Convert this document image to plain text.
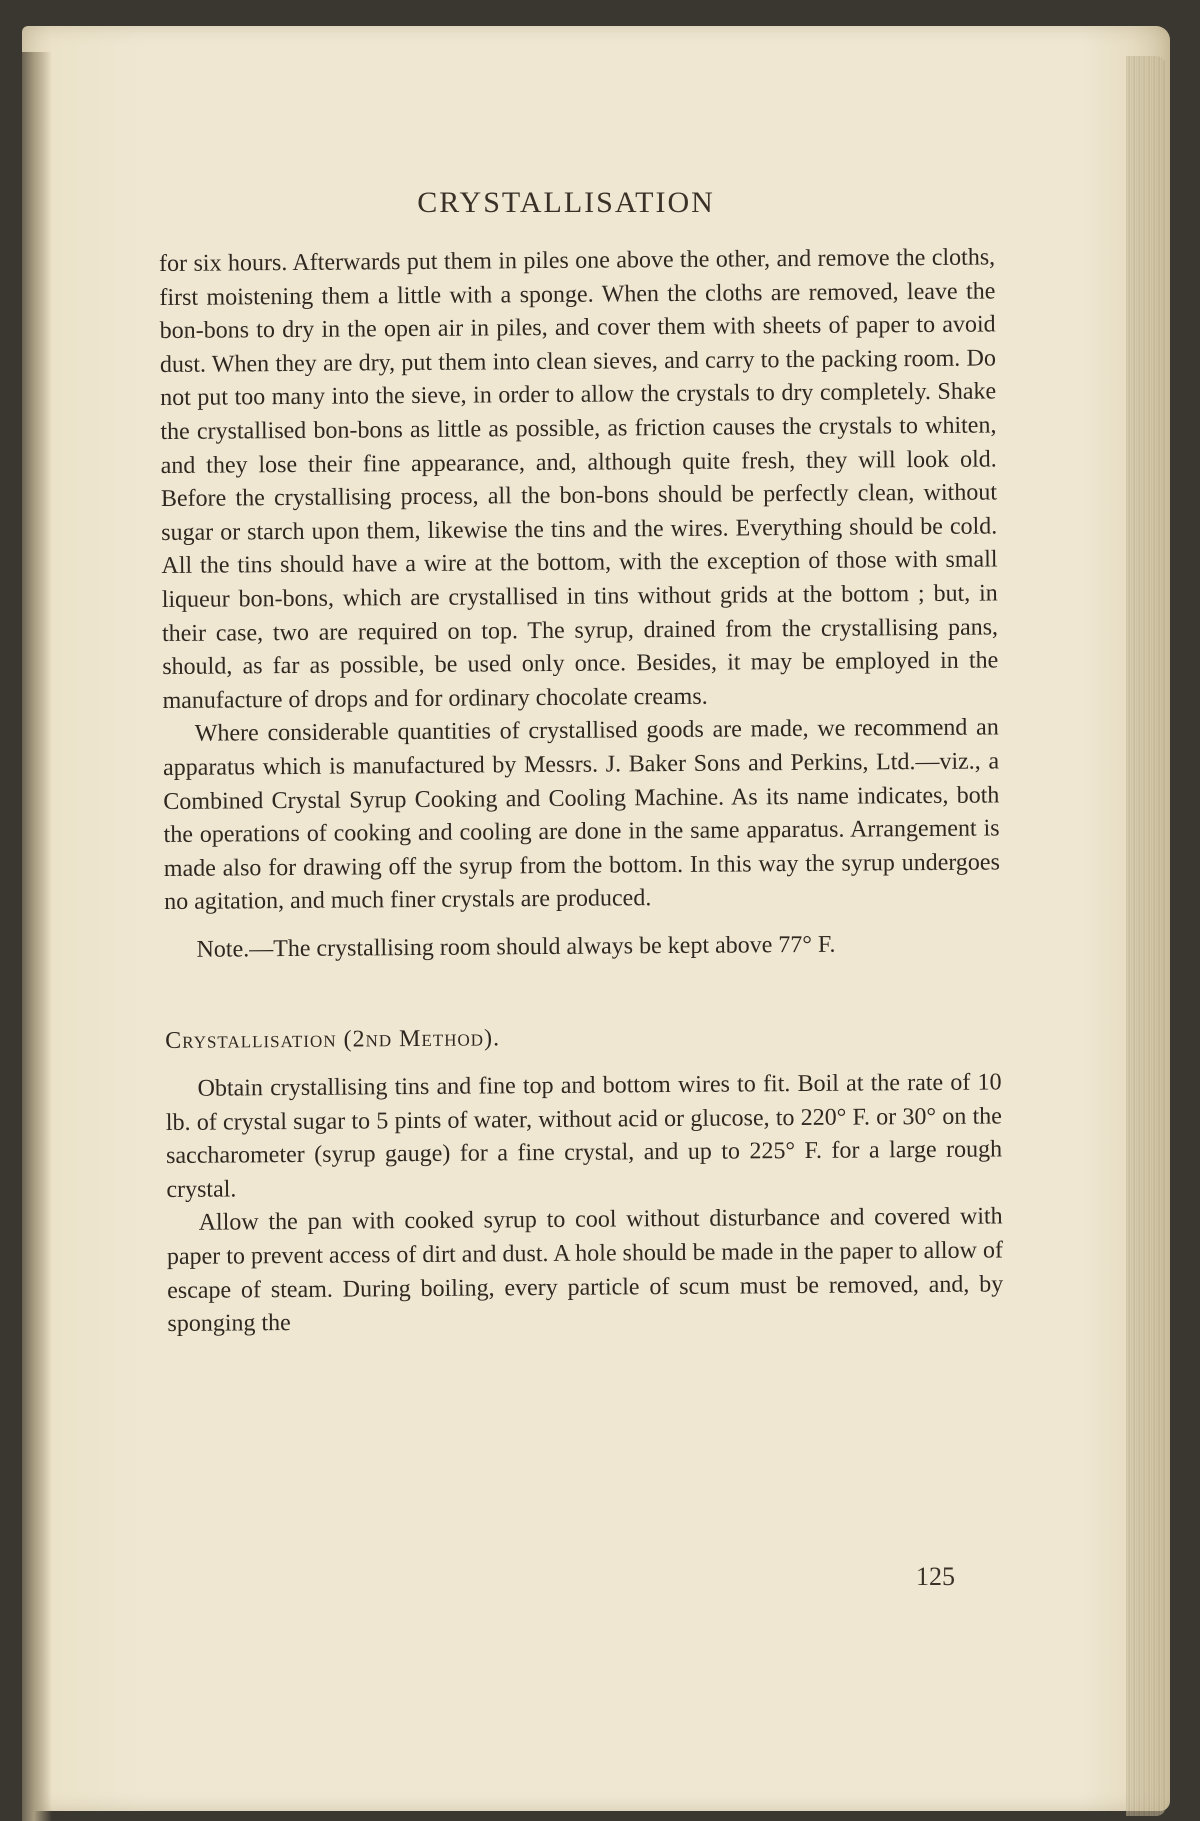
CRYSTALLISATION

for six hours. Afterwards put them in piles one above the other, and remove the cloths, first moistening them a little with a sponge. When the cloths are removed, leave the bon-bons to dry in the open air in piles, and cover them with sheets of paper to avoid dust. When they are dry, put them into clean sieves, and carry to the packing room. Do not put too many into the sieve, in order to allow the crystals to dry completely. Shake the crystallised bon-bons as little as possible, as friction causes the crystals to whiten, and they lose their fine appearance, and, although quite fresh, they will look old. Before the crystallising process, all the bon-bons should be perfectly clean, without sugar or starch upon them, likewise the tins and the wires. Everything should be cold. All the tins should have a wire at the bottom, with the exception of those with small liqueur bon-bons, which are crystallised in tins without grids at the bottom ; but, in their case, two are required on top. The syrup, drained from the crystallising pans, should, as far as possible, be used only once. Besides, it may be employed in the manufacture of drops and for ordinary chocolate creams.

Where considerable quantities of crystallised goods are made, we recommend an apparatus which is manufactured by Messrs. J. Baker Sons and Perkins, Ltd.—viz., a Combined Crystal Syrup Cooking and Cooling Machine. As its name indicates, both the operations of cooking and cooling are done in the same apparatus. Arrangement is made also for drawing off the syrup from the bottom. In this way the syrup undergoes no agitation, and much finer crystals are produced.

Note.—The crystallising room should always be kept above 77° F.

Crystallisation (2nd Method).

Obtain crystallising tins and fine top and bottom wires to fit. Boil at the rate of 10 lb. of crystal sugar to 5 pints of water, without acid or glucose, to 220° F. or 30° on the saccharometer (syrup gauge) for a fine crystal, and up to 225° F. for a large rough crystal.

Allow the pan with cooked syrup to cool without disturbance and covered with paper to prevent access of dirt and dust. A hole should be made in the paper to allow of escape of steam. During boiling, every particle of scum must be removed, and, by sponging the

125
